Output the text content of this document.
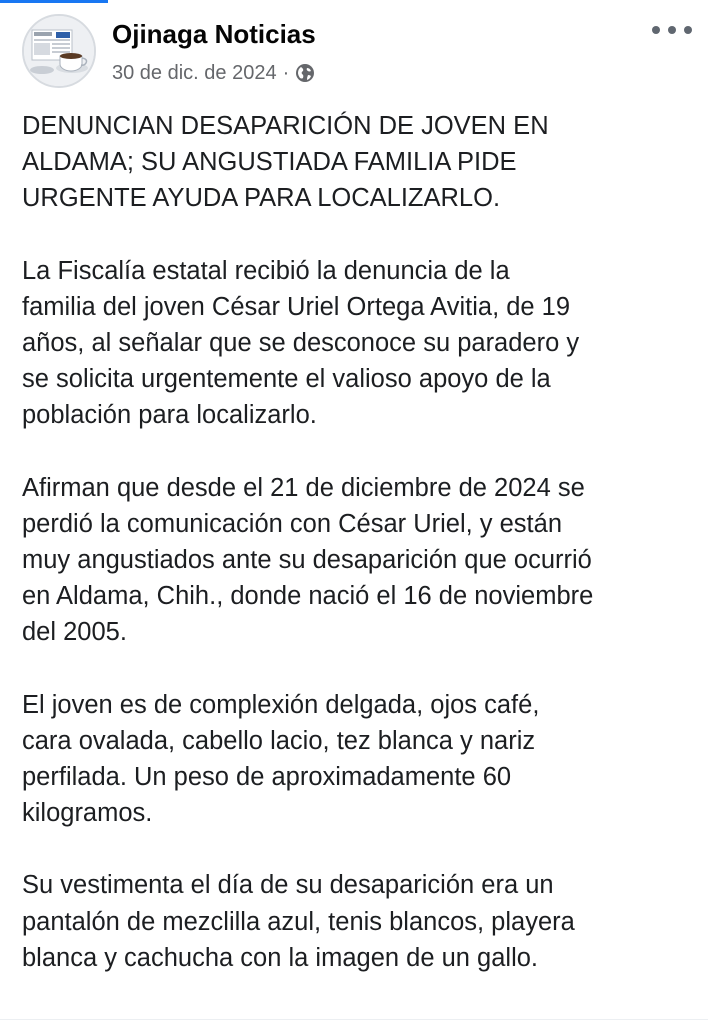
Ojinaga Noticias
30 de dic. de 2024 ·

DENUNCIAN DESAPARICIÓN DE JOVEN EN
ALDAMA; SU ANGUSTIADA FAMILIA PIDE
URGENTE AYUDA PARA LOCALIZARLO.

La Fiscalía estatal recibió la denuncia de la
familia del joven César Uriel Ortega Avitia, de 19
años, al señalar que se desconoce su paradero y
se solicita urgentemente el valioso apoyo de la
población para localizarlo.

Afirman que desde el 21 de diciembre de 2024 se
perdió la comunicación con César Uriel, y están
muy angustiados ante su desaparición que ocurrió
en Aldama, Chih., donde nació el 16 de noviembre
del 2005.

El joven es de complexión delgada, ojos café,
cara ovalada, cabello lacio, tez blanca y nariz
perfilada. Un peso de aproximadamente 60
kilogramos.

Su vestimenta el día de su desaparición era un
pantalón de mezclilla azul, tenis blancos, playera
blanca y cachucha con la imagen de un gallo.
